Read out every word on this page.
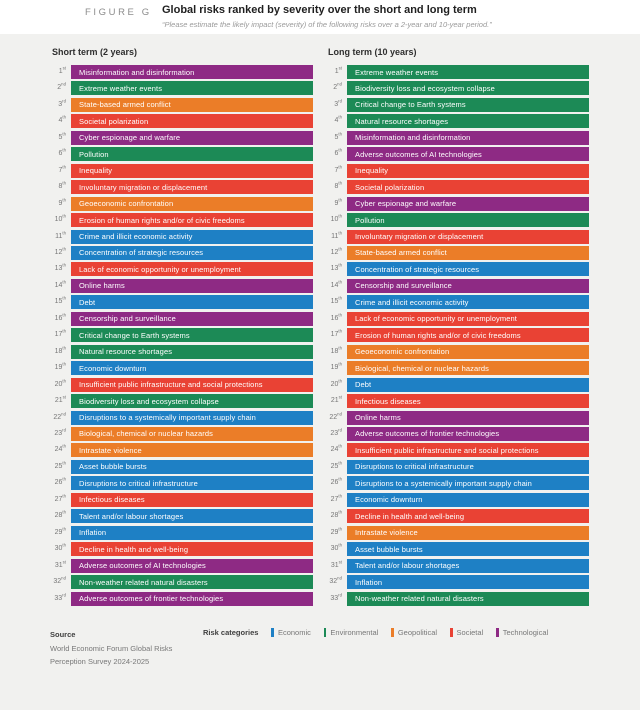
FIGURE G Global risks ranked by severity over the short and long term

“Please estimate the likely impact (severity) of the following risks over a 2-year and 10-year period.”

Short term (2 years)	Long term (10 years)
1st Misinformation and disinformation
2nd Extreme weather events
3rd State-based armed conflict
4th Societal polarization
5th Cyber espionage and warfare
6th Pollution
7th Inequality
8th Involuntary migration or displacement
9th Geoeconomic confrontation
10th Erosion of human rights and/or of civic freedoms
11th Crime and illicit economic activity
12th Concentration of strategic resources
13th Lack of economic opportunity or unemployment
14th Online harms
15th Debt
16th Censorship and surveillance
17th Critical change to Earth systems
18th Natural resource shortages
19th Economic downturn
20th Insufficient public infrastructure and social protections
21st Biodiversity loss and ecosystem collapse
22nd Disruptions to a systemically important supply chain
23rd Biological, chemical or nuclear hazards
24th Intrastate violence
25th Asset bubble bursts
26th Disruptions to critical infrastructure
27th Infectious diseases
28th Talent and/or labour shortages
29th Inflation
30th Decline in health and well-being
31st Adverse outcomes of AI technologies
32nd Non-weather related natural disasters
33rd Adverse outcomes of frontier technologies
1st Extreme weather events
2nd Biodiversity loss and ecosystem collapse
3rd Critical change to Earth systems
4th Natural resource shortages
5th Misinformation and disinformation
6th Adverse outcomes of AI technologies
7th Inequality
8th Societal polarization
9th Cyber espionage and warfare
10th Pollution
11th Involuntary migration or displacement
12th State-based armed conflict
13th Concentration of strategic resources
14th Censorship and surveillance
15th Crime and illicit economic activity
16th Lack of economic opportunity or unemployment
17th Erosion of human rights and/or of civic freedoms
18th Geoeconomic confrontation
19th Biological, chemical or nuclear hazards
20th Debt
21st Infectious diseases
22nd Online harms
23rd Adverse outcomes of frontier technologies
24th Insufficient public infrastructure and social protections
25th Disruptions to critical infrastructure
26th Disruptions to a systemically important supply chain
27th Economic downturn
28th Decline in health and well-being
29th Intrastate violence
30th Asset bubble bursts
31st Talent and/or labour shortages
32nd Inflation
33rd Non-weather related natural disasters
Source
World Economic Forum Global Risks
Perception Survey 2024-2025
Risk categories	Economic	Environmental	Geopolitical	Societal	Technological
